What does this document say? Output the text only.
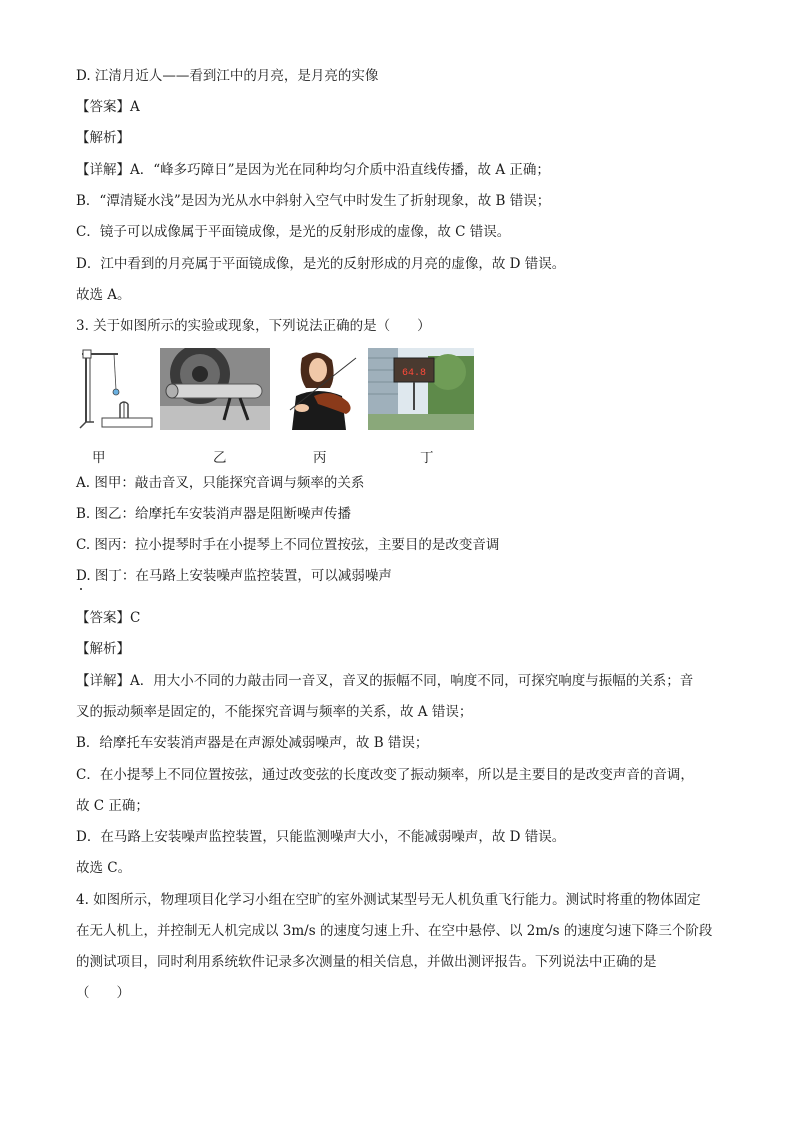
D. 江清月近人——看到江中的月亮，是月亮的实像
【答案】A
【解析】
【详解】A．“峰多巧障日”是因为光在同种均匀介质中沿直线传播，故 A 正确；
B．“潭清疑水浅”是因为光从水中斜射入空气中时发生了折射现象，故 B 错误；
C．镜子可以成像属于平面镜成像，是光的反射形成的虚像，故 C 错误。
D．江中看到的月亮属于平面镜成像，是光的反射形成的月亮的虚像，故 D 错误。
故选 A。
3. 关于如图所示的实验或现象，下列说法正确的是（　　）
64.8
甲	乙	丙	丁
A. 图甲：敲击音叉，只能探究音调与频率的关系
B. 图乙：给摩托车安装消声器是阻断噪声传播
C. 图丙：拉小提琴时手在小提琴上不同位置按弦，主要目的是改变音调
D. 图丁：在马路上安装噪声监控装置，可以减弱噪声
【答案】C
【解析】
【详解】A．用大小不同的力敲击同一音叉，音叉的振幅不同，响度不同，可探究响度与振幅的关系；音
叉的振动频率是固定的，不能探究音调与频率的关系，故 A 错误；
B．给摩托车安装消声器是在声源处减弱噪声，故 B 错误；
C．在小提琴上不同位置按弦，通过改变弦的长度改变了振动频率，所以是主要目的是改变声音的音调，
故 C 正确；
D．在马路上安装噪声监控装置，只能监测噪声大小，不能减弱噪声，故 D 错误。
故选 C。
4. 如图所示，物理项目化学习小组在空旷的室外测试某型号无人机负重飞行能力。测试时将重的物体固定
在无人机上，并控制无人机完成以 3m/s 的速度匀速上升、在空中悬停、以 2m/s 的速度匀速下降三个阶段
的测试项目，同时利用系统软件记录多次测量的相关信息，并做出测评报告。下列说法中正确的是
（　　）
